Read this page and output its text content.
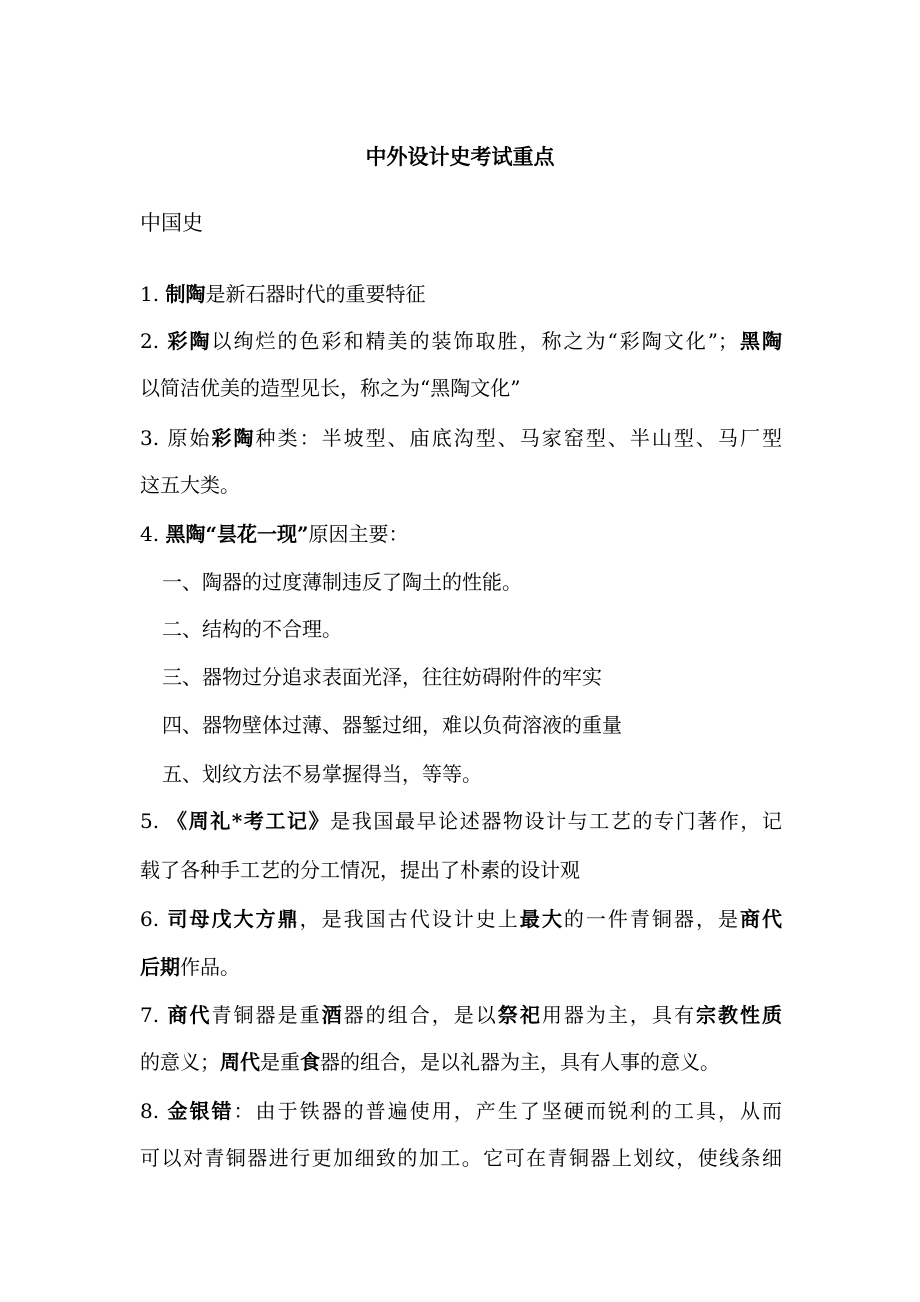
中外设计史考试重点
中国史
1. 制陶是新石器时代的重要特征
2. 彩陶以绚烂的色彩和精美的装饰取胜，称之为“彩陶文化”；黑陶
以简洁优美的造型见长，称之为“黑陶文化”
3. 原始彩陶种类：半坡型、庙底沟型、马家窑型、半山型、马厂型
这五大类。
4. 黑陶“昙花一现”原因主要：
一、陶器的过度薄制违反了陶土的性能。
二、结构的不合理。
三、器物过分追求表面光泽，往往妨碍附件的牢实
四、器物壁体过薄、器錾过细，难以负荷溶液的重量
五、划纹方法不易掌握得当，等等。
5. 《周礼*考工记》是我国最早论述器物设计与工艺的专门著作，记
载了各种手工艺的分工情况，提出了朴素的设计观
6. 司母戊大方鼎，是我国古代设计史上最大的一件青铜器，是商代
后期作品。
7. 商代青铜器是重酒器的组合，是以祭祀用器为主，具有宗教性质
的意义；周代是重食器的组合，是以礼器为主，具有人事的意义。
8. 金银错：由于铁器的普遍使用，产生了坚硬而锐利的工具，从而
可以对青铜器进行更加细致的加工。它可在青铜器上划纹，使线条细
